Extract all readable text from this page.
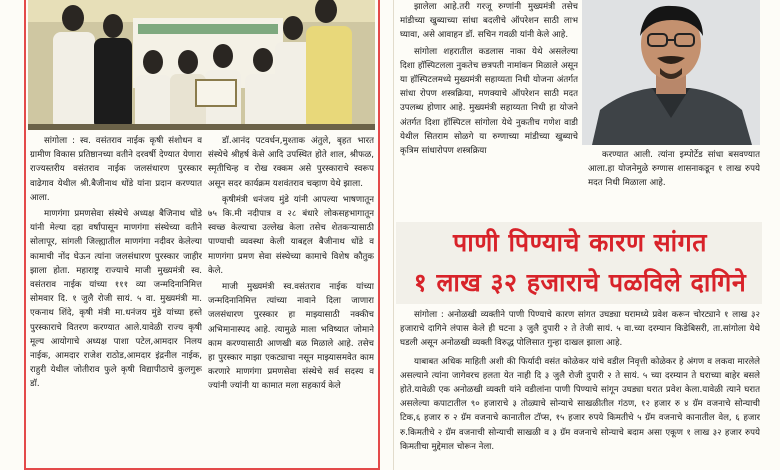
सांगोला : स्व. वसंतराव नाईक कृषी संशोधन व ग्रामीण विकास प्रतिष्ठानच्या वतीने दरवर्षी देण्यात येणारा राज्यस्तरीय वसंतराव नाईक जलसंधारण पुरस्कार वाढेगाव येथील श्री.बैजीनाथ धोंडे यांना प्रदान करण्यात आला.

माणगंगा प्रमणसेवा संस्थेचे अध्यक्ष बैजिनाथ धोंडे यांनी मेल्या दहा वर्षांपासून माणगंगा संस्थेच्या वतीने सोलापूर, सांगली जिल्ह्यातील माणगंगा नदीवर केलेल्या कामाची नोंद घेऊन त्यांना जलसंधारण पुरस्कार जाहीर झाला होता. महाराष्ट्र राज्याचे माजी मुख्यमंत्री स्व. वसंतराव नाईक यांच्या १११ व्या जन्मदिनानिमित्त सोमवार दि. १ जुलै रोजी सायं. ५ वा. मुख्यमंत्री मा. एकनाथ शिंदे, कृषी मंत्री मा.धनंजय मुंडे यांच्या हस्ते पुरस्काराचे वितरण करण्यात आले.यावेळी राज्य कृषी मूल्य आयोगाचे अध्यक्ष पाशा पटेल,आमदार निलय नाईक, आमदार राजेश राठोड,आमदार इंद्रनील नाईक, राहुरी येथील जोतीराव फुले कृषी विद्यापीठाचे कुलगुरू डॉ.

डॉ.आनंद पटवर्धन,मुश्ताक अंतुले, बृहत भारत संस्थेचे श्रीहर्ष केसे आदि उपस्थित होते शाल, श्रीफळ, स्मृतीचिन्ह व रोख रक्कम असे पुरस्काराचे स्वरूप असून सदर कार्यक्रम यशवंतराव चव्हाण येथे झाला.

कृषीमंत्री धनंजय मुंडे यांनी आपल्या भाषणातून ७५ कि.मी नदीपात्र व २८ बंधारे लोकसहभागातून स्वच्छ केल्याचा उल्लेख केला तसेच शेतकऱ्यासाठी पाण्याची व्यवस्था केली याबद्दल बैजीनाथ धोंडे व माणगंगा प्रमण सेवा संस्थेच्या कामाचे विशेष कौतुक केले.

माजी मुख्यमंत्री स्व.वसंतराव नाईक यांच्या जन्मदिनानिमित्त त्यांच्या नावाने दिला जाणारा जलसंधारण पुरस्कार हा माझ्यासाठी नक्कीच अभिमानास्पद आहे. त्यामुळे माला भविष्यात जोमाने काम करण्यासाठी आणखी बळ मिळाले आहे. तसेच हा पुरस्कार माझा एकट्याचा नसून माझ्यासमवेत काम करणारे माणगंगा प्रमणसेवा संस्थेचे सर्व सदस्य व ज्यांनी ज्यांनी या कामात मला सहकार्य केले

झालेला आहे.तरी गरजू रुग्णांनी मुख्यमंत्री तसेच मांडीच्या खुब्याच्या सांधा बदलीचे ऑपरेशन साठी लाभ घ्यावा, असे आवाहन डॉ. सचिन गवळी यांनी केले आहे.

सांगोला शहरातील कडलास नाका येथे असलेल्या दिशा हॉस्पिटलला नुकतेच छत्रपती नामांकन मिळाले असून या हॉस्पिटलमध्ये मुख्यमंत्री सहाय्यता निधी योजना अंतर्गत सांधा रोपण शस्त्रक्रिया, मणक्याचे ऑपरेशन साठी मदत उपलब्ध होणार आहे. मुख्यमंत्री सहाय्यता निधी हा योजने अंतर्गत दिशा हॉस्पिटल सांगोला येथे नुकतीच गणेश वाडी येथील सितराम सोळगे या रुग्णाच्या मांडीच्या खुब्याचे कृत्रिम सांधारोपण शस्त्रक्रिया	करण्यात आली. त्यांना इम्पोर्टेड सांधा बसवण्यात आला.हा योजनेमुळे रुग्णास शासनाकडून १ लाख रुपये मदत निधी मिळाला आहे.

पाणी पिण्याचे कारण सांगत
१ लाख ३२ हजाराचे पळविले दागिने

सांगोला : अनोळखी व्यक्तीने पाणी पिण्याचे कारण सांगत उघड्या घरामध्ये प्रवेश करून चोरट्याने १ लाख ३२ हजाराचे दागिने लंपास केले ही घटना ३ जुलै दुपारी २ ते तेजी सायं. ५ वा.च्या दरम्यान किडेबिसरी, ता.सांगोला येथे घडली असून अनोळखी व्यक्ती विरुद्ध पोलिसात गुन्हा दाखल झाला आहे.

याबाबत अधिक माहिती अशी की फिर्यादी वसंत कोळेकर यांचे वडील निवृत्ती कोळेकर हे अंगण व लकवा मारलेले असल्याने त्यांना जागेवरच हलता येत नाही दि ३ जुलै रोजी दुपारी २ ते सायं. ५ च्या दरम्यान ते घराच्या बाहेर बसले होते.यावेळी एक अनोळखी व्यक्ती यांने वडीलांना पाणी पिण्याचे सांगून उघड्या घरात प्रवेश केला.यावेळी त्याने घरात असलेल्या कपाटातील ९० हजाराचे ३ तोळ्याचे सोन्याचे साखळीतील गंठण, १२ हजार रु ४ ग्रॅम वजनाचे सोन्याची टिक,६ हजार रु २ ग्रॅम वजनाचे कानातील टॉप्स, १५ हजार रुपये किमतीचे ५ ग्रॅम वजनाचे कानातील वेल, ६ हजार रु.किमतीचे २ ग्रॅम वजनाची सोन्याची साखळी व ३ ग्रॅम वजनाचे सोन्याचे बदाम असा एकूण १ लाख ३२ हजार रुपये किमतीचा मुद्देमाल चोरून नेला.
